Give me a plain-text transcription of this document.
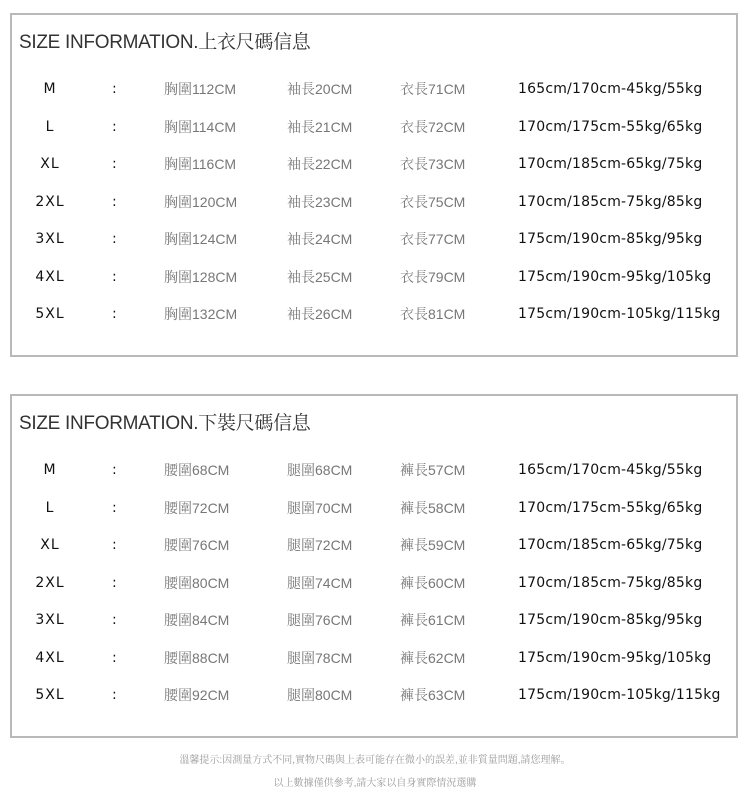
SIZE INFORMATION.上衣尺碼信息
M	:	胸圍112CM	袖長20CM	衣長71CM	165cm/170cm-45kg/55kg
L	:	胸圍114CM	袖長21CM	衣長72CM	170cm/175cm-55kg/65kg
XL	:	胸圍116CM	袖長22CM	衣長73CM	170cm/185cm-65kg/75kg
2XL	:	胸圍120CM	袖長23CM	衣長75CM	170cm/185cm-75kg/85kg
3XL	:	胸圍124CM	袖長24CM	衣長77CM	175cm/190cm-85kg/95kg
4XL	:	胸圍128CM	袖長25CM	衣長79CM	175cm/190cm-95kg/105kg
5XL	:	胸圍132CM	袖長26CM	衣長81CM	175cm/190cm-105kg/115kg
SIZE INFORMATION.下裝尺碼信息
M	:	腰圍68CM	腿圍68CM	褲長57CM	165cm/170cm-45kg/55kg
L	:	腰圍72CM	腿圍70CM	褲長58CM	170cm/175cm-55kg/65kg
XL	:	腰圍76CM	腿圍72CM	褲長59CM	170cm/185cm-65kg/75kg
2XL	:	腰圍80CM	腿圍74CM	褲長60CM	170cm/185cm-75kg/85kg
3XL	:	腰圍84CM	腿圍76CM	褲長61CM	175cm/190cm-85kg/95kg
4XL	:	腰圍88CM	腿圍78CM	褲長62CM	175cm/190cm-95kg/105kg
5XL	:	腰圍92CM	腿圍80CM	褲長63CM	175cm/190cm-105kg/115kg
溫馨提示:因測量方式不同,實物尺碼與上表可能存在微小的誤差,並非質量問題,請您理解。
以上數據僅供參考,請大家以自身實際情況選購
